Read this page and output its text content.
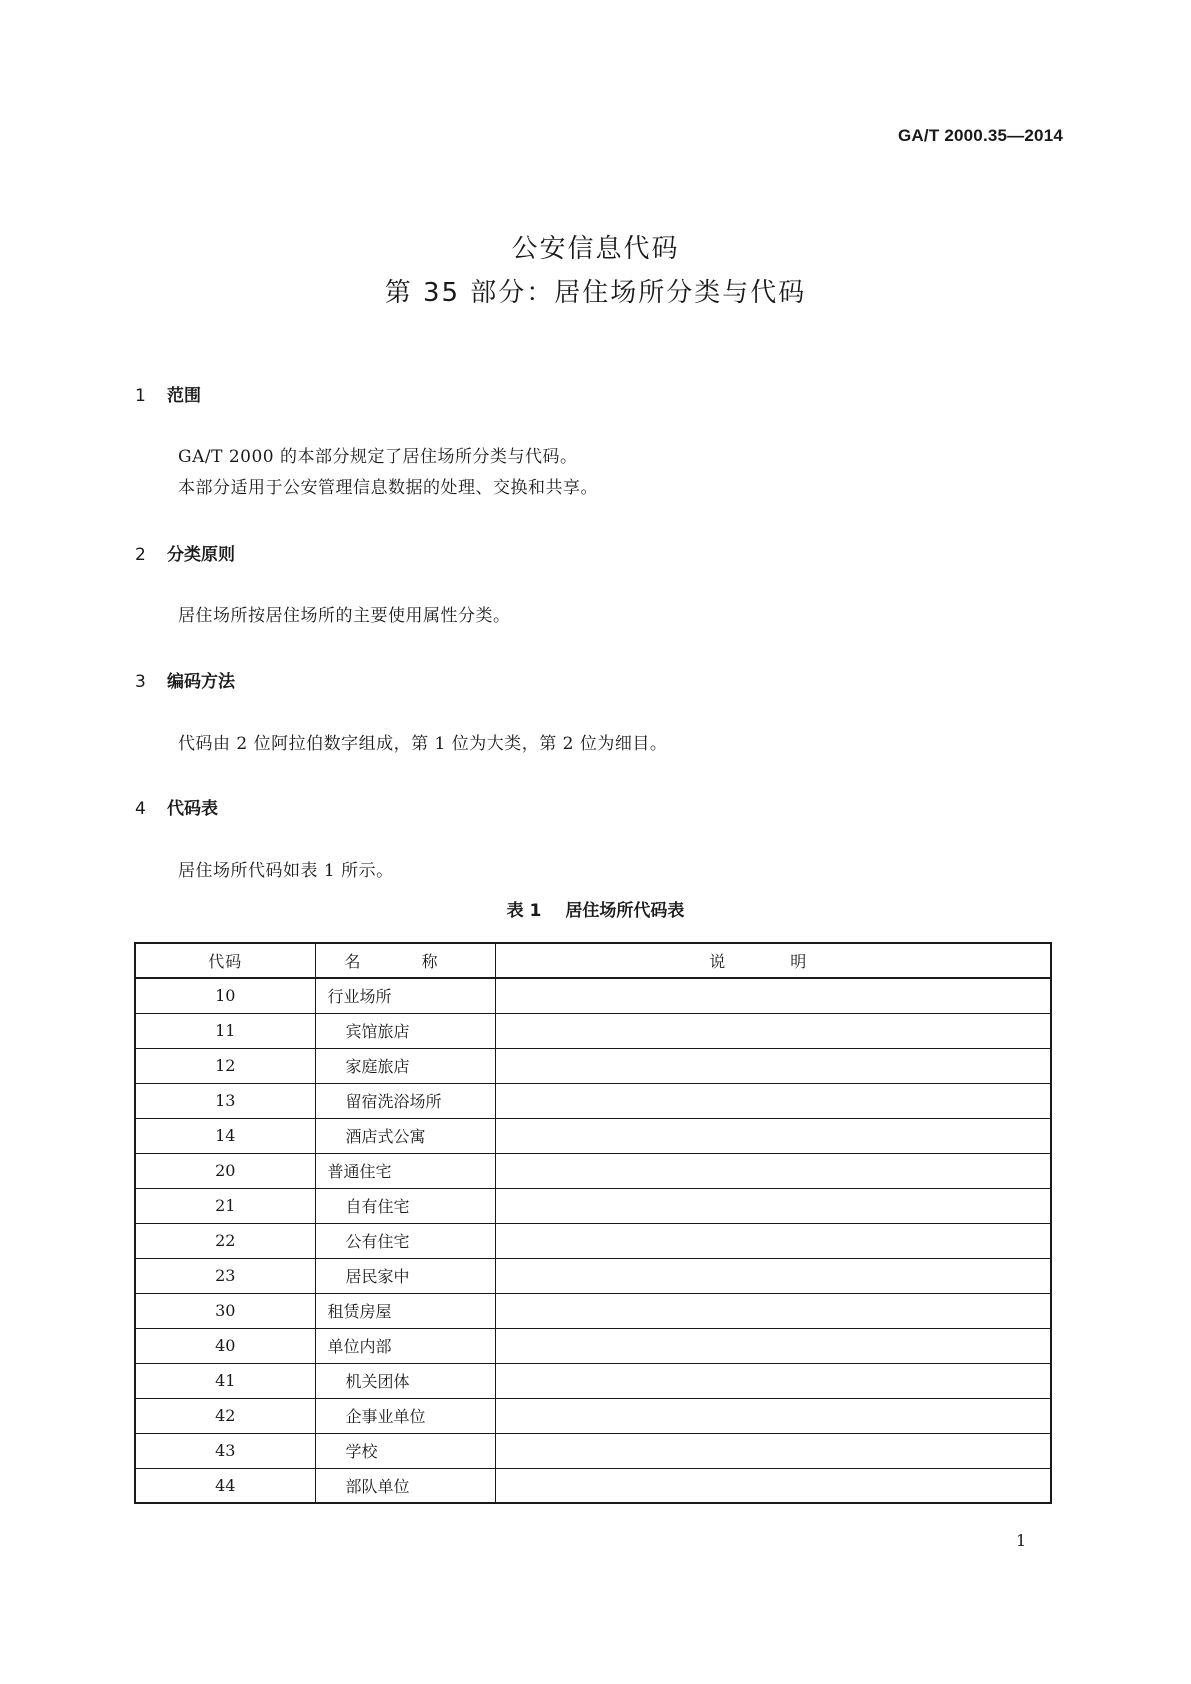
GA/T 2000.35—2014
公安信息代码
第 35 部分：居住场所分类与代码
1 范围
GA/T 2000 的本部分规定了居住场所分类与代码。
本部分适用于公安管理信息数据的处理、交换和共享。
2 分类原则
居住场所按居住场所的主要使用属性分类。
3 编码方法
代码由 2 位阿拉伯数字组成，第 1 位为大类，第 2 位为细目。
4 代码表
居住场所代码如表 1 所示。
表 1 居住场所代码表
代码	名 称	说 明
10	行业场所	
11	宾馆旅店	
12	家庭旅店	
13	留宿洗浴场所	
14	酒店式公寓	
20	普通住宅	
21	自有住宅	
22	公有住宅	
23	居民家中	
30	租赁房屋	
40	单位内部	
41	机关团体	
42	企事业单位	
43	学校	
44	部队单位	
1
